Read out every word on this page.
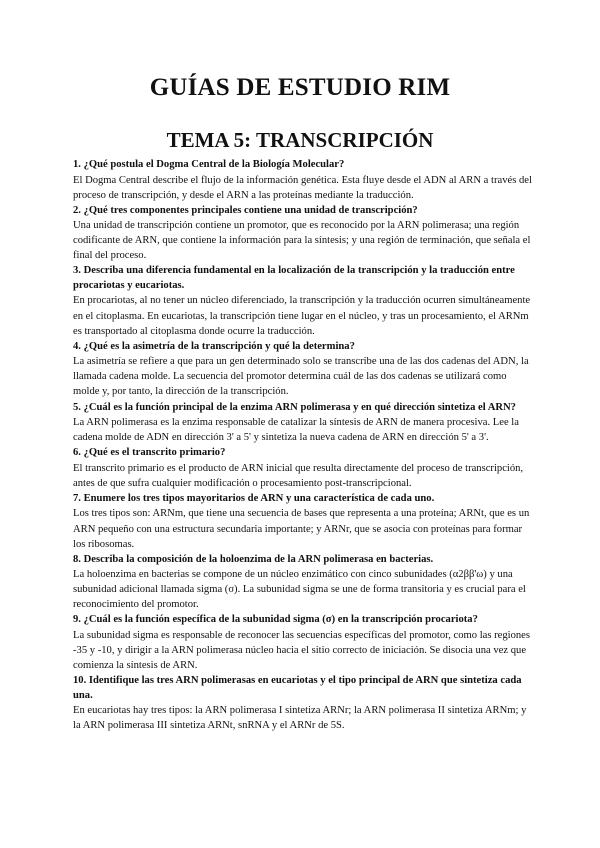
GUÍAS DE ESTUDIO RIM
TEMA 5: TRANSCRIPCIÓN

1. ¿Qué postula el Dogma Central de la Biología Molecular?

El Dogma Central describe el flujo de la información genética. Esta fluye desde el ADN al ARN a través del proceso de transcripción, y desde el ARN a las proteínas mediante la traducción.

2. ¿Qué tres componentes principales contiene una unidad de transcripción?

Una unidad de transcripción contiene un promotor, que es reconocido por la ARN polimerasa; una región codificante de ARN, que contiene la información para la síntesis; y una región de terminación, que señala el final del proceso.

3. Describa una diferencia fundamental en la localización de la transcripción y la traducción entre procariotas y eucariotas.

En procariotas, al no tener un núcleo diferenciado, la transcripción y la traducción ocurren simultáneamente en el citoplasma. En eucariotas, la transcripción tiene lugar en el núcleo, y tras un procesamiento, el ARNm es transportado al citoplasma donde ocurre la traducción.

4. ¿Qué es la asimetría de la transcripción y qué la determina?

La asimetría se refiere a que para un gen determinado solo se transcribe una de las dos cadenas del ADN, la llamada cadena molde. La secuencia del promotor determina cuál de las dos cadenas se utilizará como molde y, por tanto, la dirección de la transcripción.

5. ¿Cuál es la función principal de la enzima ARN polimerasa y en qué dirección sintetiza el ARN?

La ARN polimerasa es la enzima responsable de catalizar la síntesis de ARN de manera procesiva. Lee la cadena molde de ADN en dirección 3' a 5' y sintetiza la nueva cadena de ARN en dirección 5' a 3'.

6. ¿Qué es el transcrito primario?

El transcrito primario es el producto de ARN inicial que resulta directamente del proceso de transcripción, antes de que sufra cualquier modificación o procesamiento post-transcripcional.

7. Enumere los tres tipos mayoritarios de ARN y una característica de cada uno.

Los tres tipos son: ARNm, que tiene una secuencia de bases que representa a una proteína; ARNt, que es un ARN pequeño con una estructura secundaria importante; y ARNr, que se asocia con proteínas para formar los ribosomas.

8. Describa la composición de la holoenzima de la ARN polimerasa en bacterias.

La holoenzima en bacterias se compone de un núcleo enzimático con cinco subunidades (α2ββ'ω) y una subunidad adicional llamada sigma (σ). La subunidad sigma se une de forma transitoria y es crucial para el reconocimiento del promotor.

9. ¿Cuál es la función específica de la subunidad sigma (σ) en la transcripción procariota?

La subunidad sigma es responsable de reconocer las secuencias específicas del promotor, como las regiones -35 y -10, y dirigir a la ARN polimerasa núcleo hacia el sitio correcto de iniciación. Se disocia una vez que comienza la síntesis de ARN.

10. Identifique las tres ARN polimerasas en eucariotas y el tipo principal de ARN que sintetiza cada una.

En eucariotas hay tres tipos: la ARN polimerasa I sintetiza ARNr; la ARN polimerasa II sintetiza ARNm; y la ARN polimerasa III sintetiza ARNt, snRNA y el ARNr de 5S.
